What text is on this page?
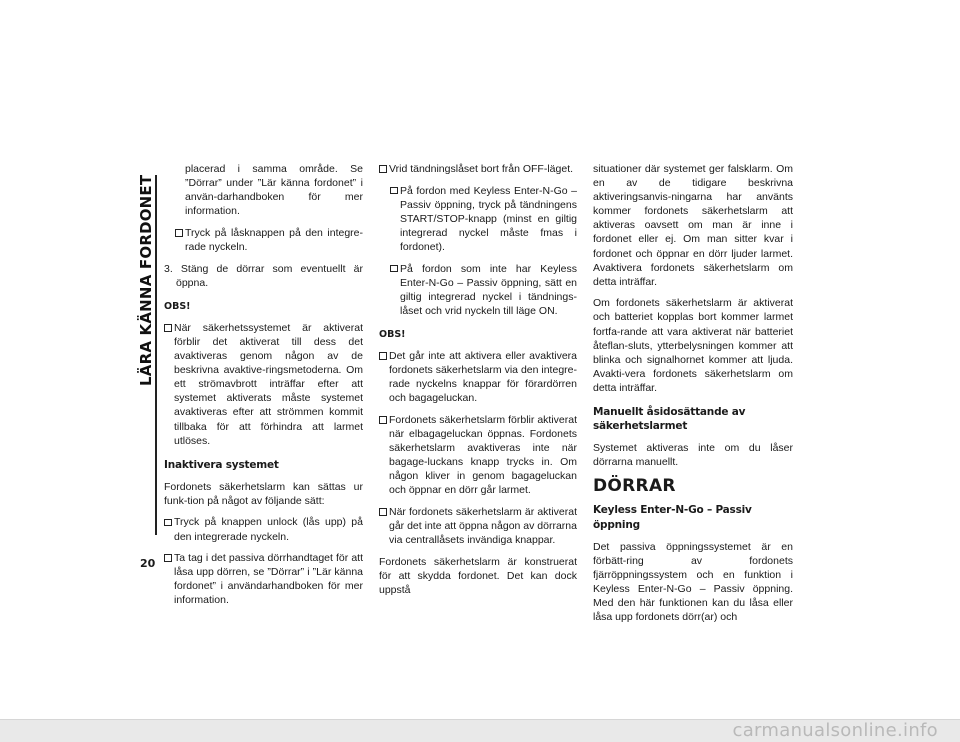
LÄRA KÄNNA FORDONET
20

placerad i samma område. Se ”Dörrar” under ”Lär känna fordonet” i använ-darhandboken för mer information.

Tryck på låsknappen på den integre-rade nyckeln.

3. Stäng de dörrar som eventuellt är öppna.

OBS!

När säkerhetssystemet är aktiverat förblir det aktiverat till dess det avaktiveras genom någon av de beskrivna avaktive-ringsmetoderna. Om ett strömavbrott inträffar efter att systemet aktiverats måste systemet avaktiveras efter att strömmen kommit tillbaka för att förhindra att larmet utlöses.

Inaktivera systemet

Fordonets säkerhetslarm kan sättas ur funk-tion på något av följande sätt:

Tryck på knappen unlock (lås upp) på den integrerade nyckeln.

Ta tag i det passiva dörrhandtaget för att låsa upp dörren, se ”Dörrar” i ”Lär känna fordonet” i användarhandboken för mer information.

Vrid tändningslåset bort från OFF-läget.

På fordon med Keyless Enter-N-Go – Passiv öppning, tryck på tändningens START/STOP-knapp (minst en giltig integrerad nyckel måste fmas i fordonet).

På fordon som inte har Keyless Enter-N-Go – Passiv öppning, sätt en giltig integrerad nyckel i tändnings-låset och vrid nyckeln till läge ON.

OBS!

Det går inte att aktivera eller avaktivera fordonets säkerhetslarm via den integre-rade nyckelns knappar för förardörren och bagageluckan.

Fordonets säkerhetslarm förblir aktiverat när elbagageluckan öppnas. Fordonets säkerhetslarm avaktiveras inte när bagage-luckans knapp trycks in. Om någon kliver in genom bagageluckan och öppnar en dörr går larmet.

När fordonets säkerhetslarm är aktiverat går det inte att öppna någon av dörrarna via centrallåsets invändiga knappar.

Fordonets säkerhetslarm är konstruerat för att skydda fordonet. Det kan dock uppstå

situationer där systemet ger falsklarm. Om en av de tidigare beskrivna aktiveringsanvis-ningarna har använts kommer fordonets säkerhetslarm att aktiveras oavsett om man är inne i fordonet eller ej. Om man sitter kvar i fordonet och öppnar en dörr ljuder larmet. Avaktivera fordonets säkerhetslarm om detta inträffar.

Om fordonets säkerhetslarm är aktiverat och batteriet kopplas bort kommer larmet fortfa-rande att vara aktiverat när batteriet åteflan-sluts, ytterbelysningen kommer att blinka och signalhornet kommer att ljuda. Avakti-vera fordonets säkerhetslarm om detta inträffar.

Manuellt åsidosättande av säkerhetslarmet

Systemet aktiveras inte om du låser dörrarna manuellt.

DÖRRAR
Keyless Enter-N-Go – Passiv öppning

Det passiva öppningssystemet är en förbätt-ring av fordonets fjärröppningssystem och en funktion i Keyless Enter-N-Go – Passiv öppning. Med den här funktionen kan du låsa eller låsa upp fordonets dörr(ar) och

carmanualsonline.info
